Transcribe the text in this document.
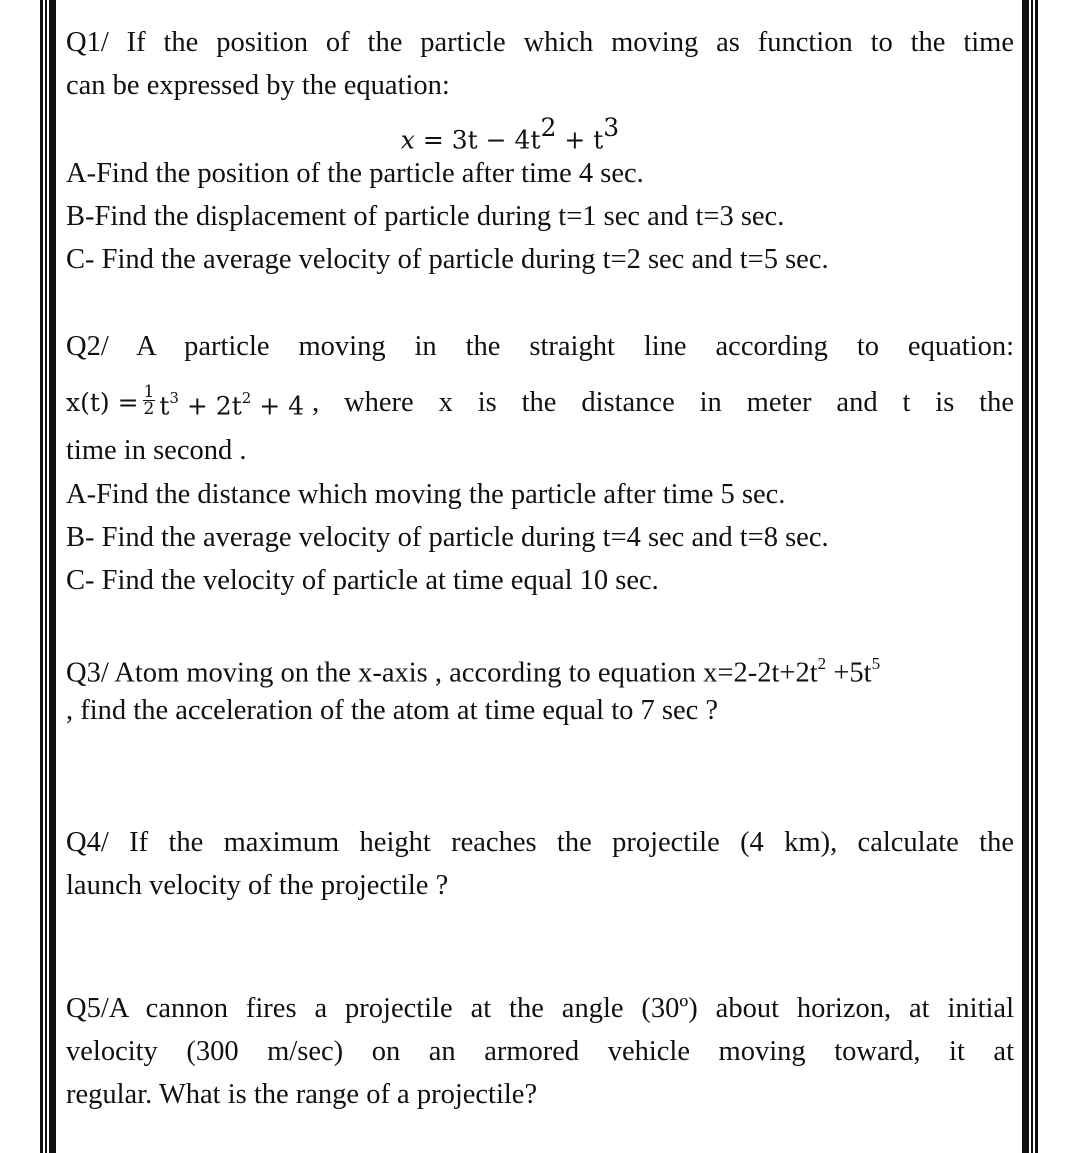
Q1/ If the position of the particle which moving as function to the time
can be expressed by the equation:
$x = 3t - 4t^2 + t^3$
A-Find the position of the particle after time 4 sec.
B-Find the displacement of particle during t=1 sec and t=3 sec.
C- Find the average velocity of particle during t=2 sec and t=5 sec.
Q2/ A particle moving in the straight line according to equation:
$x(t) = \frac{1}{2} t^3 + 2t^2 + 4$ , where x is the distance in meter and t is the
time in second .
A-Find the distance which moving the particle after time 5 sec.
B- Find the average velocity of particle during t=4 sec and t=8 sec.
C- Find the velocity of particle at time equal 10 sec.
Q3/ Atom moving on the x-axis , according to equation $x=2-2t+2t^2 +5t^5$
, find the acceleration of the atom at time equal to 7 sec ?
Q4/ If the maximum height reaches the projectile (4 km), calculate the
launch velocity of the projectile ?
Q5/A cannon fires a projectile at the angle (30º) about horizon, at initial
velocity (300 m/sec) on an armored vehicle moving toward, it at
regular. What is the range of a projectile?
